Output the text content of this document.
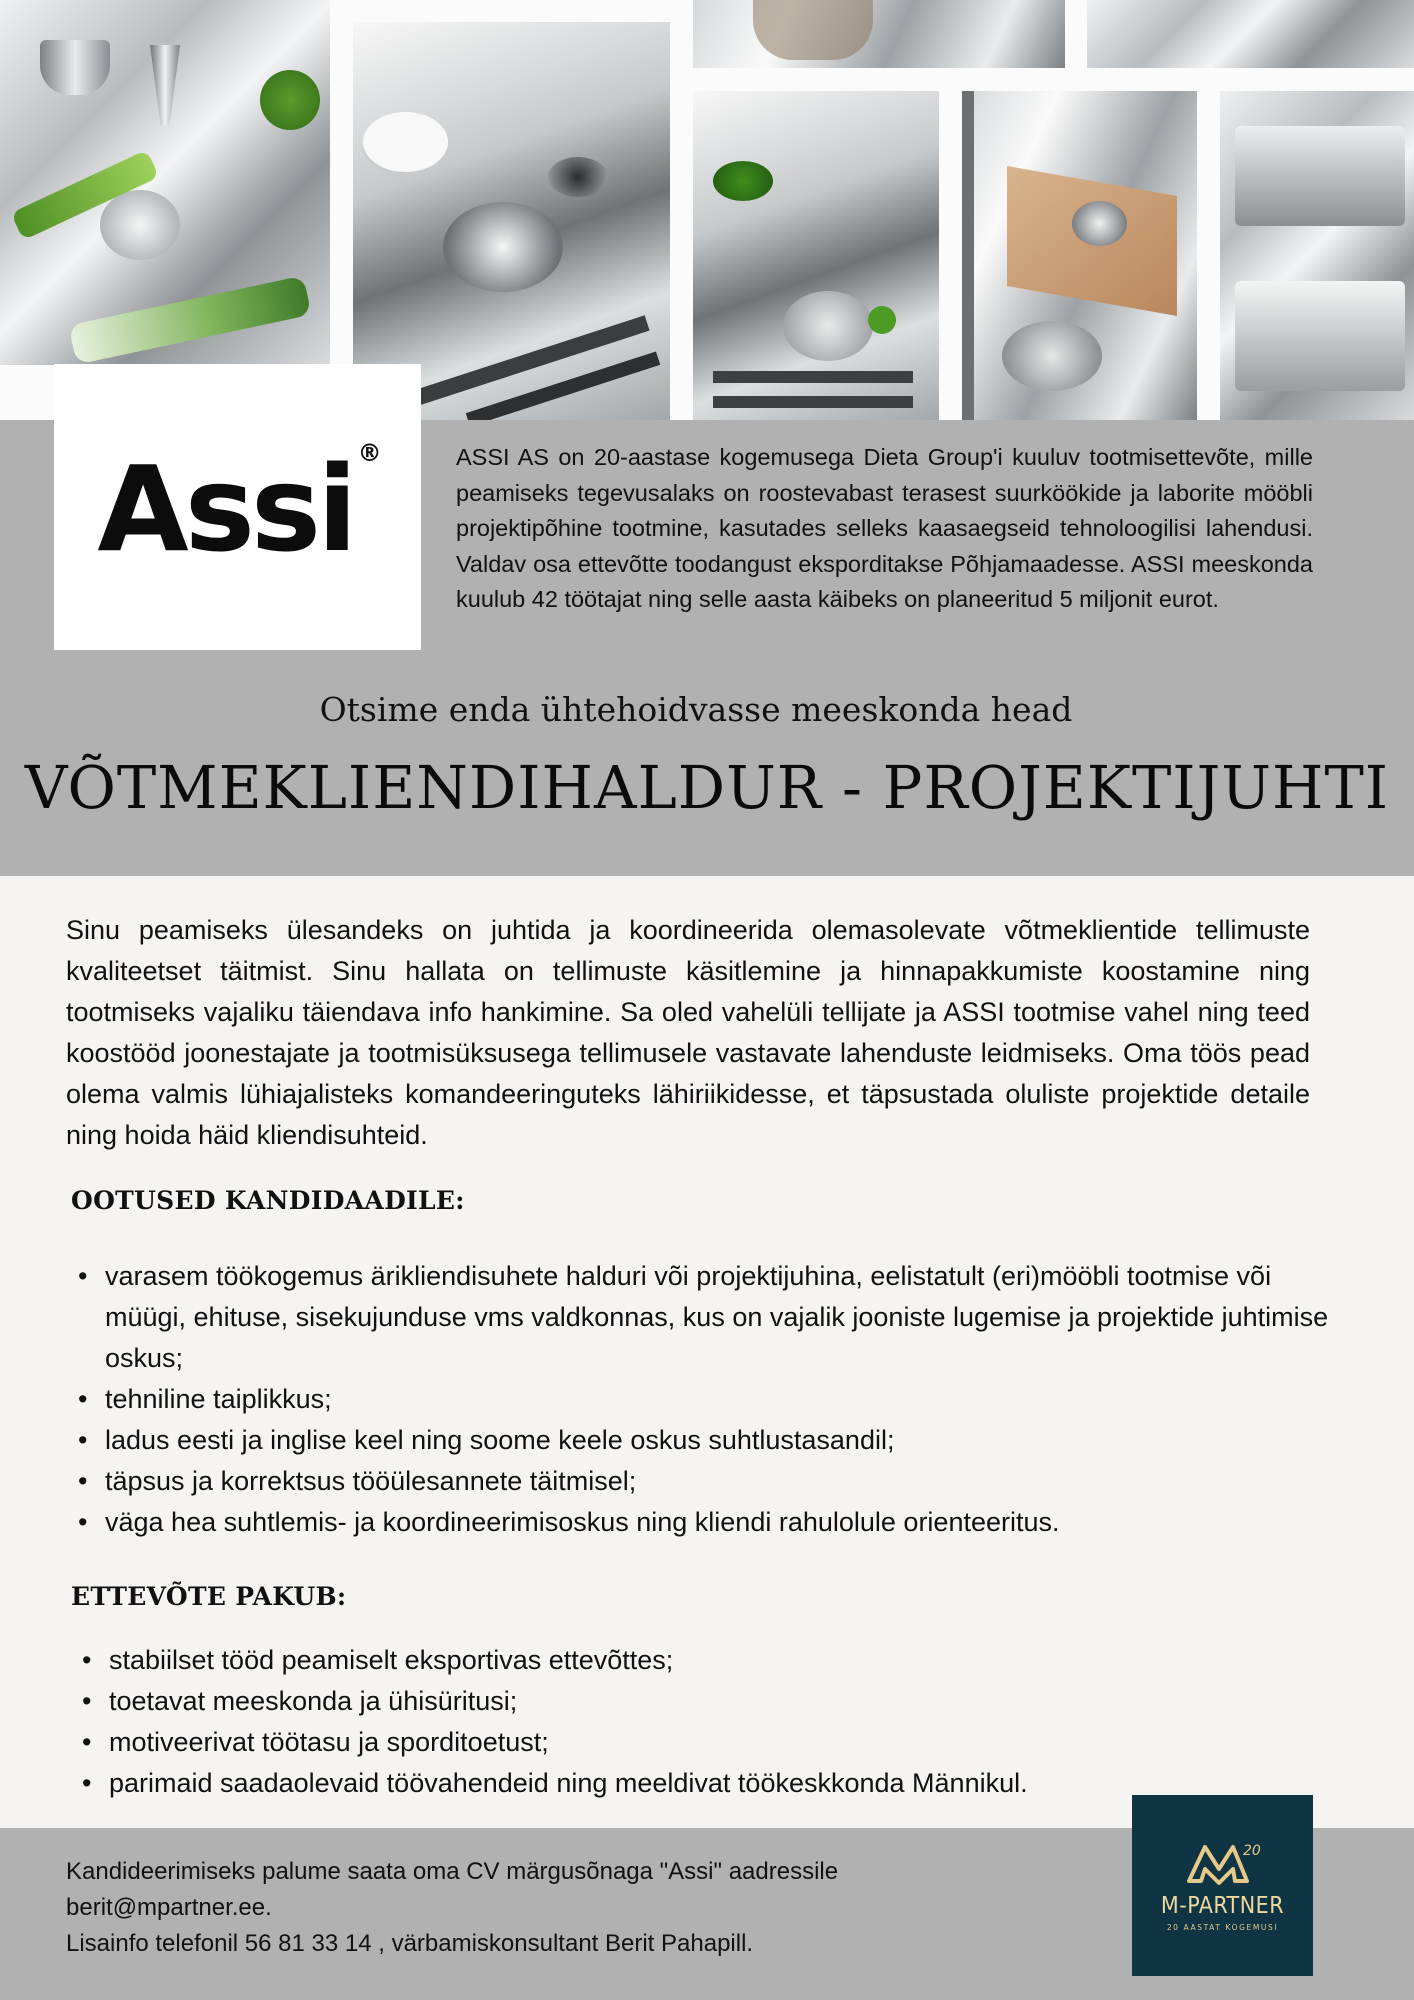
Assi ®	ASSI AS on 20-aastase kogemusega Dieta Group'i kuuluv tootmisettevõte, mille peamiseks tegevusalaks on roostevabast terasest suurköökide ja laborite mööbli projektipõhine tootmine, kasutades selleks kaasaegseid tehnoloogilisi lahendusi. Valdav osa ettevõtte toodangust eksporditakse Põhjamaadesse. ASSI meeskonda kuulub 42 töötajat ning selle aasta käibeks on planeeritud 5 miljonit eurot.
Otsime enda ühtehoidvasse meeskonda head
VÕTMEKLIENDIHALDUR - PROJEKTIJUHTI
Sinu peamiseks ülesandeks on juhtida ja koordineerida olemasolevate võtmeklientide tellimuste kvaliteetset täitmist. Sinu hallata on tellimuste käsitlemine ja hinnapakkumiste koostamine ning tootmiseks vajaliku täiendava info hankimine. Sa oled vahelüli tellijate ja ASSI tootmise vahel ning teed koostööd joonestajate ja tootmisüksusega tellimusele vastavate lahenduste leidmiseks. Oma töös pead olema valmis lühiajalisteks komandeeringuteks lähiriikidesse, et täpsustada oluliste projektide detaile ning hoida häid kliendisuhteid.
OOTUSED KANDIDAADILE:
• varasem töökogemus ärikliendisuhete halduri või projektijuhina, eelistatult (eri)mööbli tootmise või müügi, ehituse, sisekujunduse vms valdkonnas, kus on vajalik jooniste lugemise ja projektide juhtimise oskus;
• tehniline taiplikkus;
• ladus eesti ja inglise keel ning soome keele oskus suhtlustasandil;
• täpsus ja korrektsus tööülesannete täitmisel;
• väga hea suhtlemis- ja koordineerimisoskus ning kliendi rahulolule orienteeritus.
ETTEVÕTE PAKUB:
• stabiilset tööd peamiselt eksportivas ettevõttes;
• toetavat meeskonda ja ühisüritusi;
• motiveerivat töötasu ja sporditoetust;
• parimaid saadaolevaid töövahendeid ning meeldivat töökeskkonda Männikul.
Kandideerimiseks palume saata oma CV märgusõnaga "Assi" aadressile
berit@mpartner.ee.
Lisainfo telefonil 56 81 33 14 , värbamiskonsultant Berit Pahapill.
20
M-PARTNER
20 AASTAT KOGEMUSI
